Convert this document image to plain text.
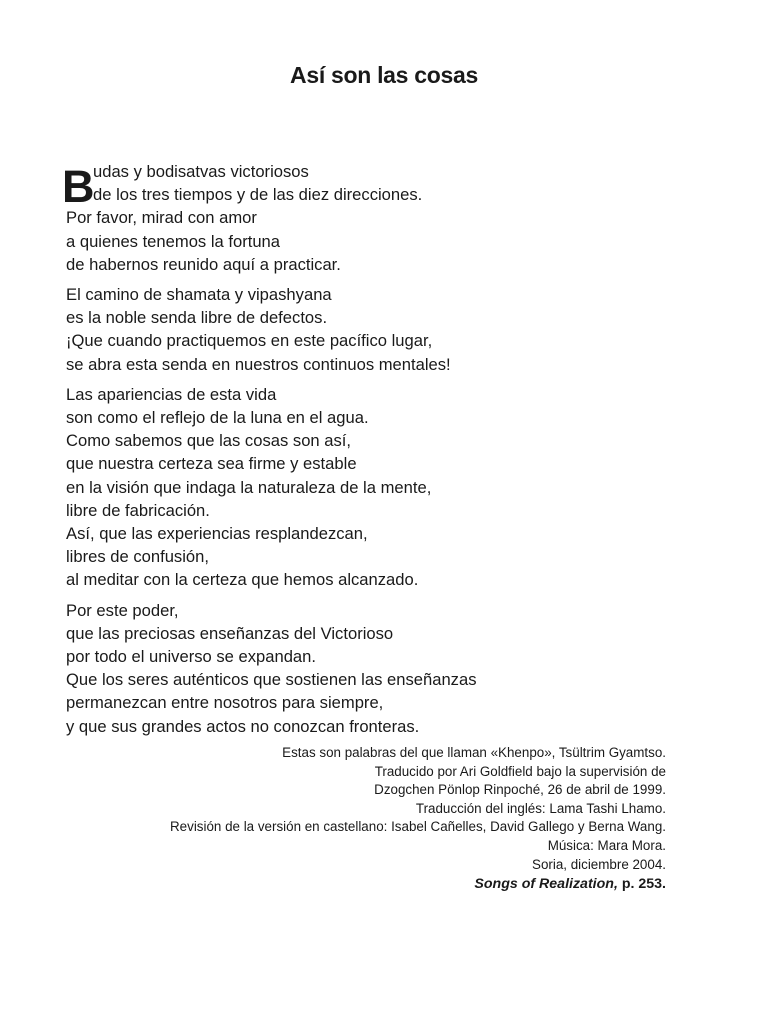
Así son las cosas
B
udas y bodisatvas victoriosos
de los tres tiempos y de las diez direcciones.
Por favor, mirad con amor
a quienes tenemos la fortuna
de habernos reunido aquí a practicar.
El camino de shamata y vipashyana
es la noble senda libre de defectos.
¡Que cuando practiquemos en este pacífico lugar,
se abra esta senda en nuestros continuos mentales!
Las apariencias de esta vida
son como el reflejo de la luna en el agua.
Como sabemos que las cosas son así,
que nuestra certeza sea firme y estable
en la visión que indaga la naturaleza de la mente,
libre de fabricación.
Así, que las experiencias resplandezcan,
libres de confusión,
al meditar con la certeza que hemos alcanzado.
Por este poder,
que las preciosas enseñanzas del Victorioso
por todo el universo se expandan.
Que los seres auténticos que sostienen las enseñanzas
permanezcan entre nosotros para siempre,
y que sus grandes actos no conozcan fronteras.
Estas son palabras del que llaman «Khenpo», Tsültrim Gyamtso.
Traducido por Ari Goldfield bajo la supervisión de
Dzogchen Pönlop Rinpoché, 26 de abril de 1999.
Traducción del inglés: Lama Tashi Lhamo.
Revisión de la versión en castellano: Isabel Cañelles, David Gallego y Berna Wang.
Música: Mara Mora.
Soria, diciembre 2004.
Songs of Realization, p. 253.
